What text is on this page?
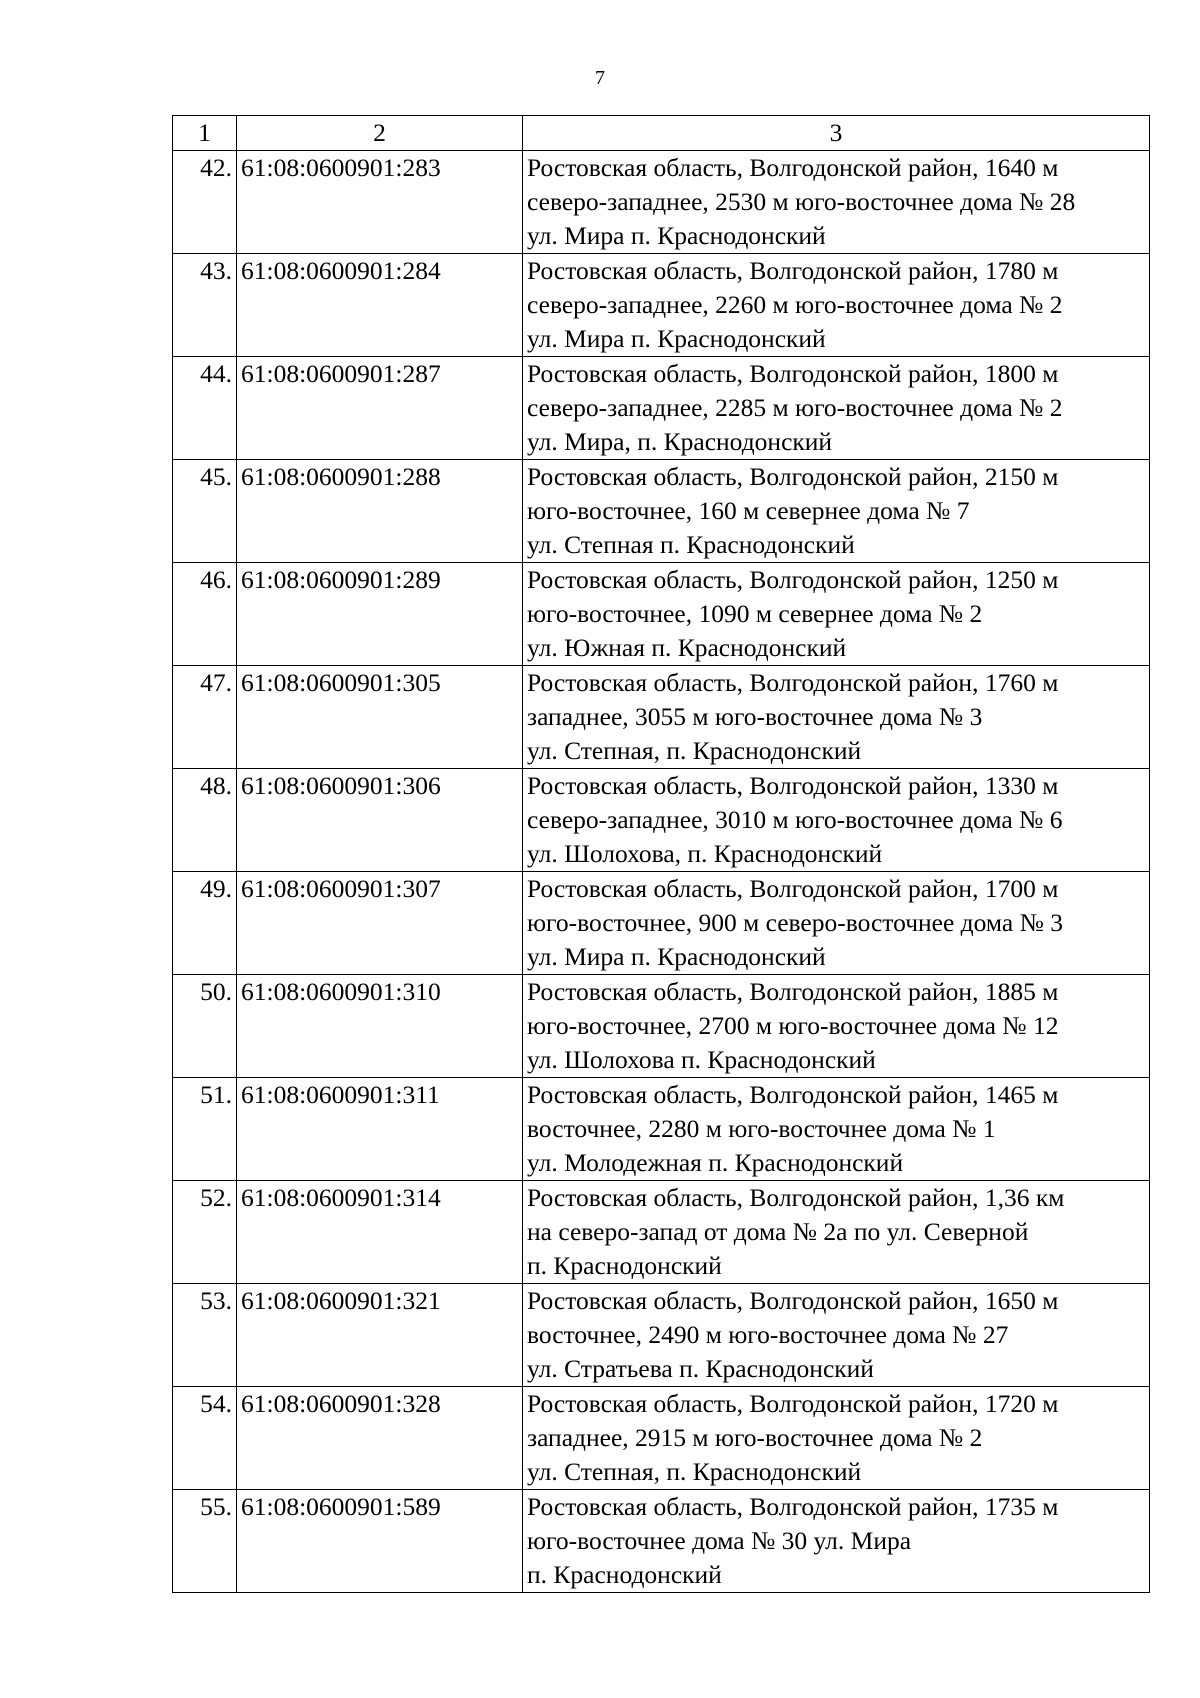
7
1	2	3
42.	61:08:0600901:283	Ростовская область, Волгодонской район, 1640 м
северо-западнее, 2530 м юго-восточнее дома № 28
ул. Мира п. Краснодонский

43.	61:08:0600901:284	Ростовская область, Волгодонской район, 1780 м
северо-западнее, 2260 м юго-восточнее дома № 2
ул. Мира п. Краснодонский

44.	61:08:0600901:287	Ростовская область, Волгодонской район, 1800 м
северо-западнее, 2285 м юго-восточнее дома № 2
ул. Мира, п. Краснодонский

45.	61:08:0600901:288	Ростовская область, Волгодонской район, 2150 м
юго-восточнее, 160 м севернее дома № 7
ул. Степная п. Краснодонский

46.	61:08:0600901:289	Ростовская область, Волгодонской район, 1250 м
юго-восточнее, 1090 м севернее дома № 2
ул. Южная п. Краснодонский

47.	61:08:0600901:305	Ростовская область, Волгодонской район, 1760 м
западнее, 3055 м юго-восточнее дома № 3
ул. Степная, п. Краснодонский

48.	61:08:0600901:306	Ростовская область, Волгодонской район, 1330 м
северо-западнее, 3010 м юго-восточнее дома № 6
ул. Шолохова, п. Краснодонский

49.	61:08:0600901:307	Ростовская область, Волгодонской район, 1700 м
юго-восточнее, 900 м северо-восточнее дома № 3
ул. Мира п. Краснодонский

50.	61:08:0600901:310	Ростовская область, Волгодонской район, 1885 м
юго-восточнее, 2700 м юго-восточнее дома № 12
ул. Шолохова п. Краснодонский

51.	61:08:0600901:311	Ростовская область, Волгодонской район, 1465 м
восточнее, 2280 м юго-восточнее дома № 1
ул. Молодежная п. Краснодонский

52.	61:08:0600901:314	Ростовская область, Волгодонской район, 1,36 км
на северо-запад от дома № 2а по ул. Северной
п. Краснодонский

53.	61:08:0600901:321	Ростовская область, Волгодонской район, 1650 м
восточнее, 2490 м юго-восточнее дома № 27
ул. Стратьева п. Краснодонский

54.	61:08:0600901:328	Ростовская область, Волгодонской район, 1720 м
западнее, 2915 м юго-восточнее дома № 2
ул. Степная, п. Краснодонский

55.	61:08:0600901:589	Ростовская область, Волгодонской район, 1735 м
юго-восточнее дома № 30 ул. Мира
п. Краснодонский
